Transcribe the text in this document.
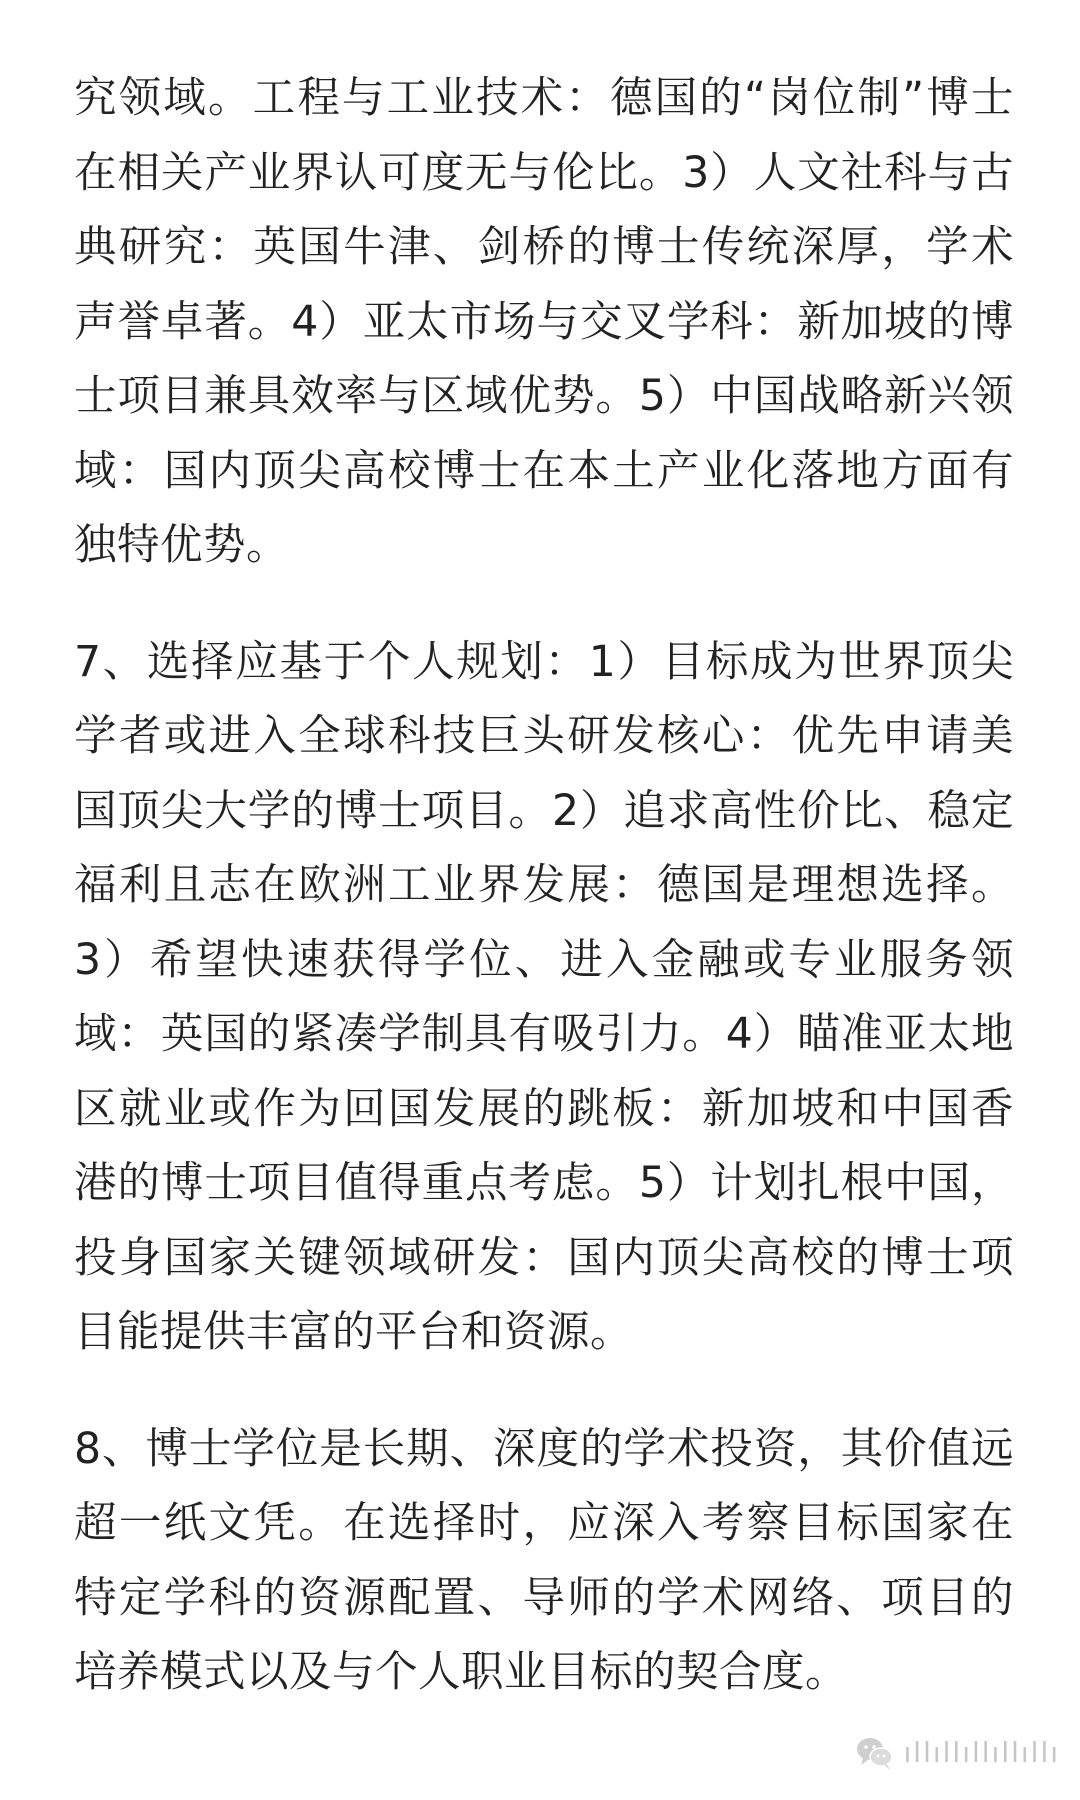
究领域。工程与工业技术：德国的“岗位制”博士在相关产业界认可度无与伦比。3）人文社科与古典研究：英国牛津、剑桥的博士传统深厚，学术声誉卓著。4）亚太市场与交叉学科：新加坡的博士项目兼具效率与区域优势。5）中国战略新兴领域：国内顶尖高校博士在本土产业化落地方面有独特优势。

7、选择应基于个人规划：1）目标成为世界顶尖学者或进入全球科技巨头研发核心：优先申请美国顶尖大学的博士项目。2）追求高性价比、稳定福利且志在欧洲工业界发展：德国是理想选择。3）希望快速获得学位、进入金融或专业服务领域：英国的紧凑学制具有吸引力。4）瞄准亚太地区就业或作为回国发展的跳板：新加坡和中国香港的博士项目值得重点考虑。5）计划扎根中国，投身国家关键领域研发：国内顶尖高校的博士项目能提供丰富的平台和资源。

8、博士学位是长期、深度的学术投资，其价值远超一纸文凭。在选择时，应深入考察目标国家在特定学科的资源配置、导师的学术网络、项目的培养模式以及与个人职业目标的契合度。

ıllıllıllıllıllı
